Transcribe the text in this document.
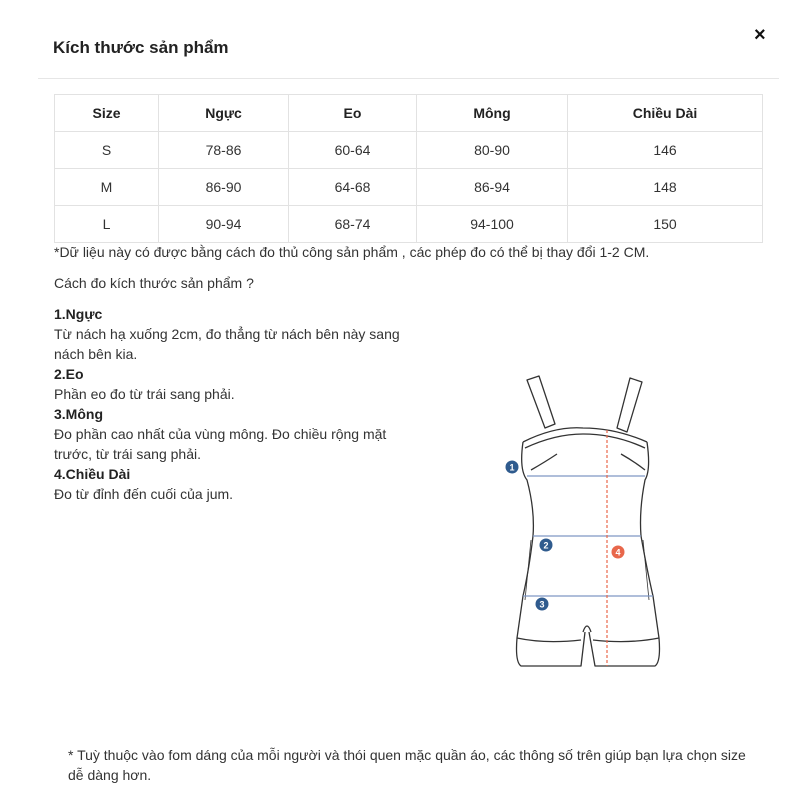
Kích thước sản phẩm
×
Size	Ngực	Eo	Mông	Chiều Dài
S	78-86	60-64	80-90	146
M	86-90	64-68	86-94	148
L	90-94	68-74	94-100	150
*Dữ liệu này có được bằng cách đo thủ công sản phẩm , các phép đo có thể bị thay đổi 1-2 CM.
Cách đo kích thước sản phẩm ?
1.Ngực
Từ nách hạ xuống 2cm, đo thẳng từ nách bên này sang nách bên kia.
2.Eo
Phần eo đo từ trái sang phải.
3.Mông
Đo phần cao nhất của vùng mông. Đo chiều rộng mặt trước, từ trái sang phải.
4.Chiều Dài
Đo từ đỉnh đến cuối của jum.
1
2
3
4
* Tuỳ thuộc vào fom dáng của mỗi người và thói quen mặc quần áo, các thông số trên giúp bạn lựa chọn size dễ dàng hơn.
